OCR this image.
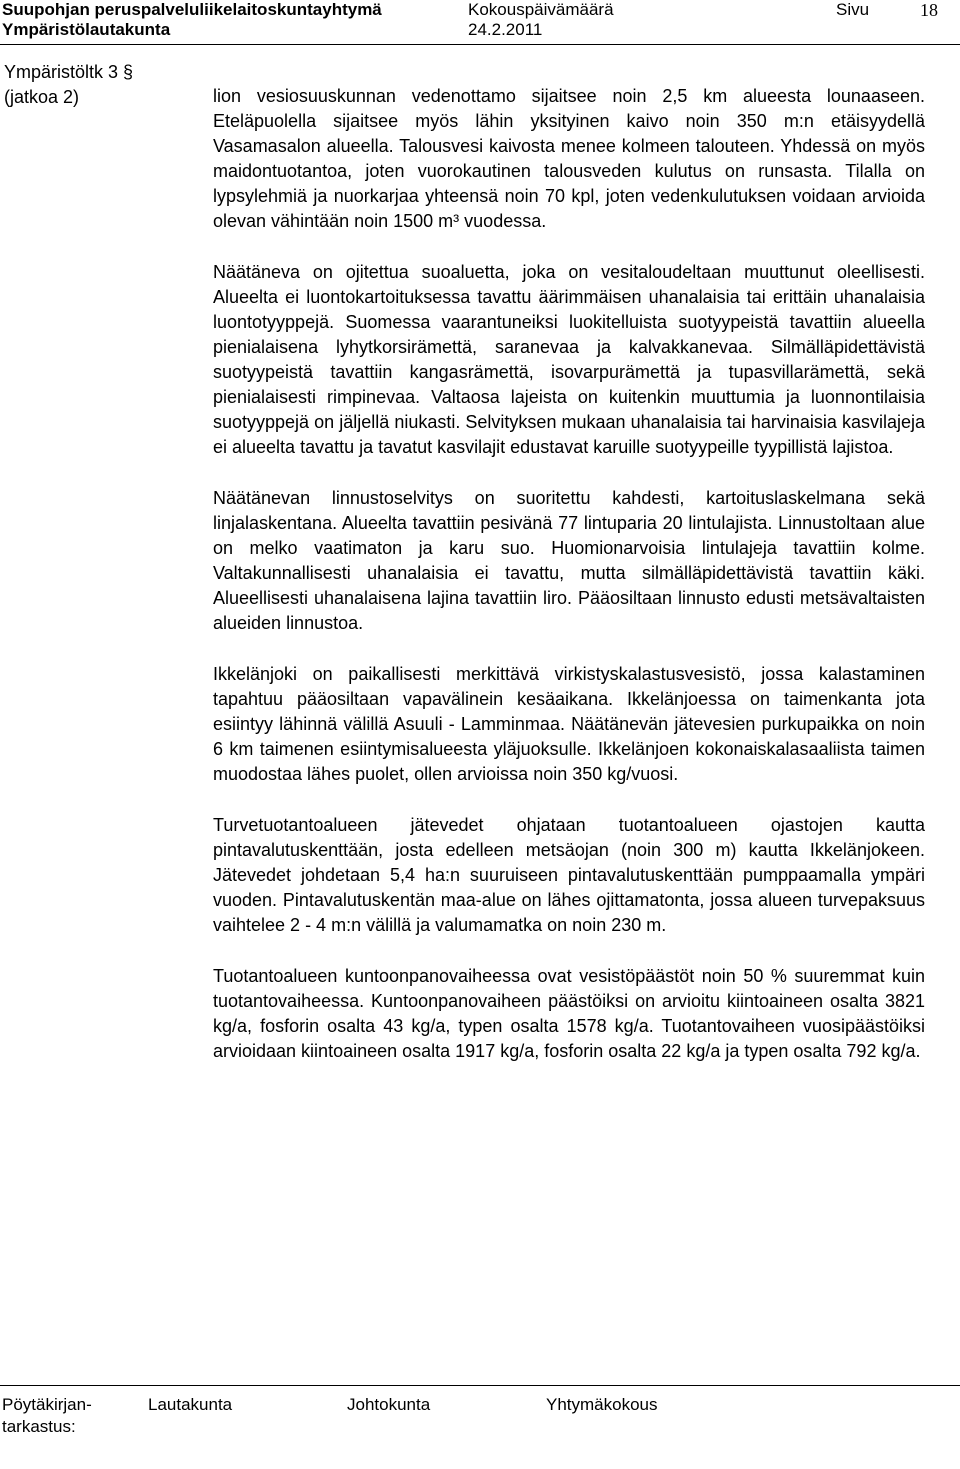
Suupohjan peruspalveluliikelaitoskuntayhtymä
Ympäristölautakunta
Kokouspäivämäärä
24.2.2011
Sivu	18
Ympäristöltk 3 §
(jatkoa 2)	lion vesiosuuskunnan vedenottamo sijaitsee noin 2,5 km alueesta lounaaseen. Eteläpuolella sijaitsee myös lähin yksityinen kaivo noin 350 m:n etäisyydellä Vasamasalon alueella. Talousvesi kaivosta menee kolmeen talouteen. Yhdessä on myös maidontuotantoa, joten vuorokautinen talousveden kulutus on runsasta. Tilalla on lypsylehmiä ja nuorkarjaa yhteensä noin 70 kpl, joten vedenkulutuksen voidaan arvioida olevan vähintään noin 1500 m³ vuodessa.

Näätäneva on ojitettua suoaluetta, joka on vesitaloudeltaan muuttunut oleellisesti. Alueelta ei luontokartoituksessa tavattu äärimmäisen uhanalaisia tai erittäin uhanalaisia luontotyyppejä. Suomessa vaarantuneiksi luokitelluista suotyypeistä tavattiin alueella pienialaisena lyhytkorsirämettä, saranevaa ja kalvakkanevaa. Silmälläpidettävistä suotyypeistä tavattiin kangasrämettä, isovarpurämettä ja tupasvillarämettä, sekä pienialaisesti rimpinevaa. Valtaosa lajeista on kuitenkin muuttumia ja luonnontilaisia suotyyppejä on jäljellä niukasti. Selvityksen mukaan uhanalaisia tai harvinaisia kasvilajeja ei alueelta tavattu ja tavatut kasvilajit edustavat karuille suotyypeille tyypillistä lajistoa.

Näätänevan linnustoselvitys on suoritettu kahdesti, kartoituslaskelmana sekä linjalaskentana. Alueelta tavattiin pesivänä 77 lintuparia 20 lintulajista. Linnustoltaan alue on melko vaatimaton ja karu suo. Huomionarvoisia lintulajeja tavattiin kolme. Valtakunnallisesti uhanalaisia ei tavattu, mutta silmälläpidettävistä tavattiin käki. Alueellisesti uhanalaisena lajina tavattiin liro. Pääosiltaan linnusto edusti metsävaltaisten alueiden linnustoa.

Ikkelänjoki on paikallisesti merkittävä virkistyskalastusvesistö, jossa kalastaminen tapahtuu pääosiltaan vapavälinein kesäaikana. Ikkelänjoessa on taimenkanta jota esiintyy lähinnä välillä Asuuli - Lamminmaa. Näätänevän jätevesien purkupaikka on noin 6 km taimenen esiintymisalueesta yläjuoksulle. Ikkelänjoen kokonaiskalasaaliista taimen muodostaa lähes puolet, ollen arvioissa noin 350 kg/vuosi.

Turvetuotantoalueen jätevedet ohjataan tuotantoalueen ojastojen kautta pintavalutuskenttään, josta edelleen metsäojan (noin 300 m) kautta Ikkelänjokeen. Jätevedet johdetaan 5,4 ha:n suuruiseen pintavalutuskenttään pumppaamalla ympäri vuoden. Pintavalutuskentän maa-alue on lähes ojittamatonta, jossa alueen turvepaksuus vaihtelee 2 - 4 m:n välillä ja valumamatka on noin 230 m.

Tuotantoalueen kuntoonpanovaiheessa ovat vesistöpäästöt noin 50 % suuremmat kuin tuotantovaiheessa. Kuntoonpanovaiheen päästöiksi on arvioitu kiintoaineen osalta 3821 kg/a, fosforin osalta 43 kg/a, typen osalta 1578 kg/a. Tuotantovaiheen vuosipäästöiksi arvioidaan kiintoaineen osalta 1917 kg/a, fosforin osalta 22 kg/a ja typen osalta 792 kg/a.

Pöytäkirjan-
tarkastus:
Lautakunta	Johtokunta	Yhtymäkokous
